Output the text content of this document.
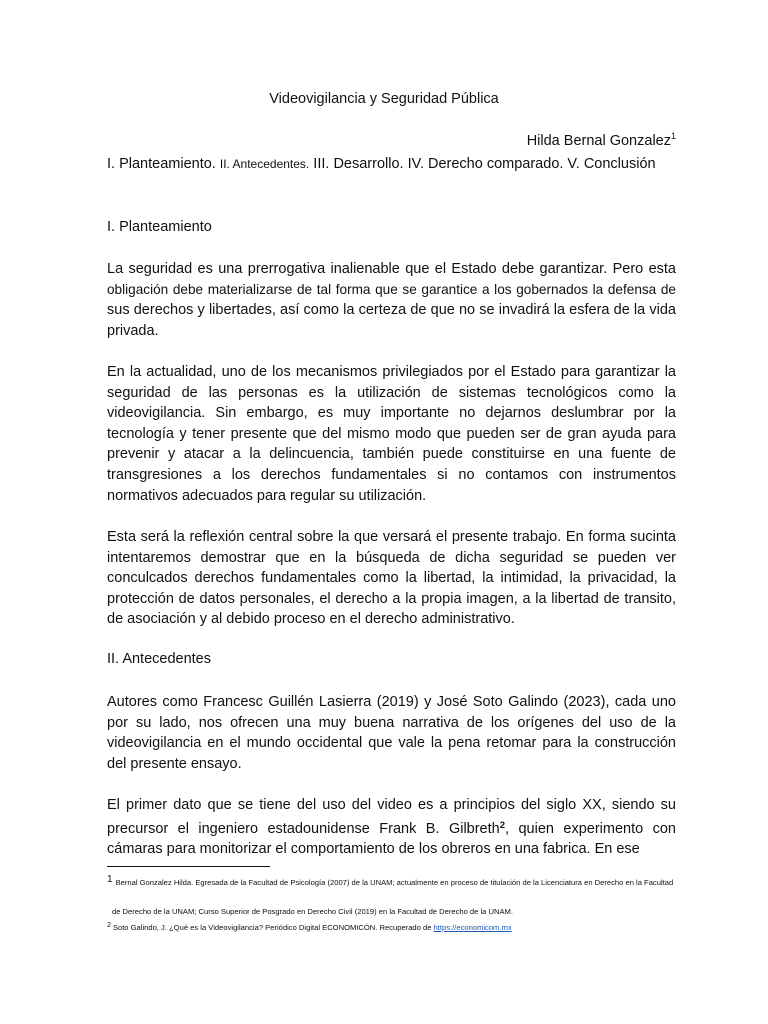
Videovigilancia y Seguridad Pública
Hilda Bernal Gonzalez$^1$
I. Planteamiento. II. Antecedentes. III. Desarrollo. IV. Derecho comparado. V. Conclusión
I. Planteamiento
La seguridad es una prerrogativa inalienable que el Estado debe garantizar. Pero esta obligación debe materializarse de tal forma que se garantice a los gobernados la defensa de sus derechos y libertades, así como la certeza de que no se invadirá la esfera de la vida privada.

En la actualidad, uno de los mecanismos privilegiados por el Estado para garantizar la seguridad de las personas es la utilización de sistemas tecnológicos como la videovigilancia. Sin embargo, es muy importante no dejarnos deslumbrar por la tecnología y tener presente que del mismo modo que pueden ser de gran ayuda para prevenir y atacar a la delincuencia, también puede constituirse en una fuente de transgresiones a los derechos fundamentales si no contamos con instrumentos normativos adecuados para regular su utilización.

Esta será la reflexión central sobre la que versará el presente trabajo. En forma sucinta intentaremos demostrar que en la búsqueda de dicha seguridad se pueden ver conculcados derechos fundamentales como la libertad, la intimidad, la privacidad, la protección de datos personales, el derecho a la propia imagen, a la libertad de transito, de asociación y al debido proceso en el derecho administrativo.

II. Antecedentes

Autores como Francesc Guillén Lasierra (2019) y José Soto Galindo (2023), cada uno por su lado, nos ofrecen una muy buena narrativa de los orígenes del uso de la videovigilancia en el mundo occidental que vale la pena retomar para la construcción del presente ensayo.

El primer dato que se tiene del uso del video es a principios del siglo XX, siendo su precursor el ingeniero estadounidense Frank B. Gilbreth$^2$, quien experimento con cámaras para monitorizar el comportamiento de los obreros en una fabrica. En ese

1 Bernal Gonzalez Hilda. Egresada de la Facultad de Psicología (2007) de la UNAM; actualmente en proceso de titulación de la Licenciatura en Derecho en la Facultad
de Derecho de la UNAM; Curso Superior de Posgrado en Derecho Civil (2019) en la Facultad de Derecho de la UNAM.
2 Soto Galindo, J. ¿Qué es la Videovigilancia? Periódico Digital ECONOMICÓN. Recuperado de https://economicom.mx
